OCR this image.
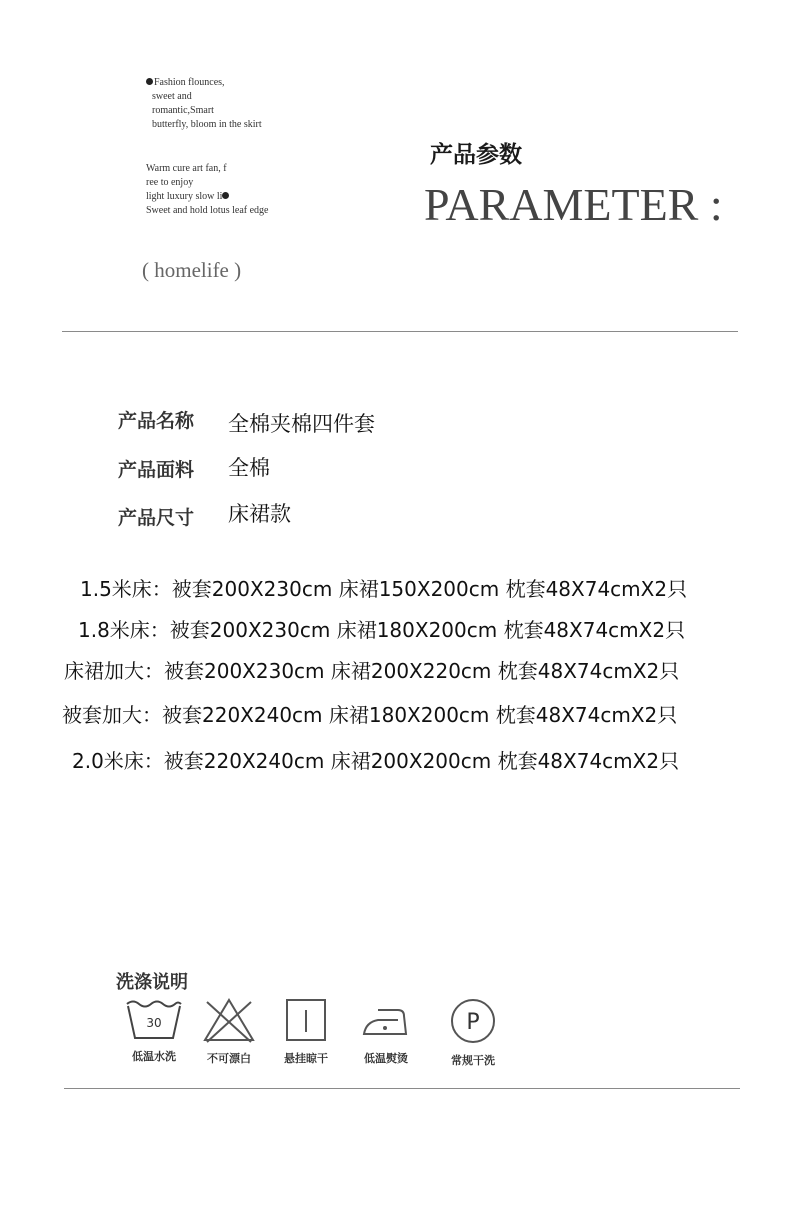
Fashion flounces,
sweet and
romantic,Smart
butterfly, bloom in the skirt
Warm cure art fan, f
ree to enjoy
light luxury slow li
Sweet and hold lotus leaf edge
( homelife )
产品参数
PARAMETER :
产品名称 全棉夹棉四件套
产品面料 全棉
产品尺寸 床裙款
1.5米床：被套200X230cm 床裙150X200cm 枕套48X74cmX2只
1.8米床：被套200X230cm 床裙180X200cm 枕套48X74cmX2只
床裙加大：被套200X230cm 床裙200X220cm 枕套48X74cmX2只
被套加大：被套220X240cm 床裙180X200cm 枕套48X74cmX2只
2.0米床：被套220X240cm 床裙200X200cm 枕套48X74cmX2只
洗涤说明
30
低温水洗	不可漂白	悬挂晾干	低温熨烫
P
常规干洗
